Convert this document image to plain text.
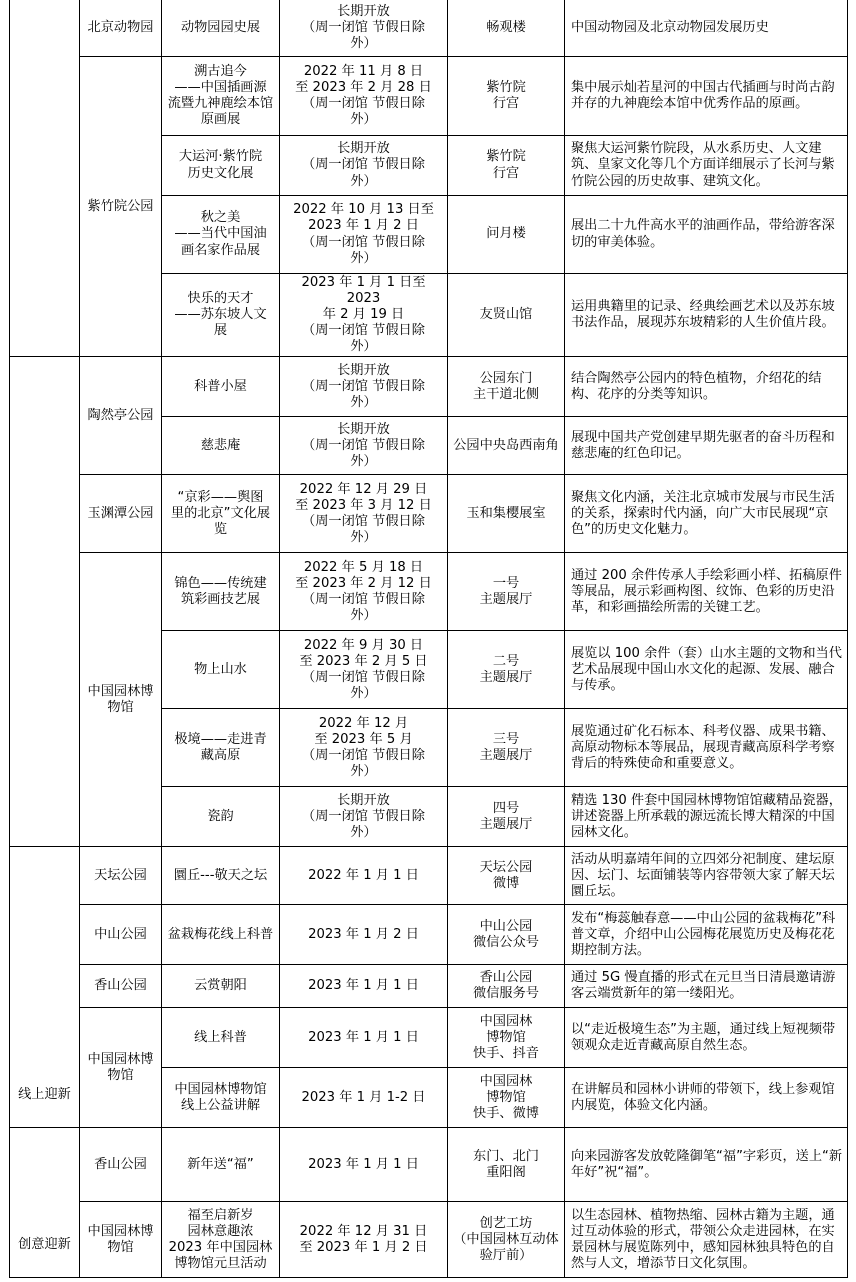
	北京动物园	动物园园史展	长期开放
（周一闭馆 节假日除
外）	畅观楼	中国动物园及北京动物园发展历史
	紫竹院公园	溯古追今
——中国插画源
流暨九神鹿绘本馆
原画展	2022 年 11 月 8 日
至 2023 年 2 月 28 日
（周一闭馆 节假日除
外）	紫竹院
行宫	集中展示灿若星河的中国古代插画与时尚古韵并存的九神鹿绘本馆中优秀作品的原画。
		大运河·紫竹院
历史文化展	长期开放
（周一闭馆 节假日除
外）	紫竹院
行宫	聚焦大运河紫竹院段，从水系历史、人文建筑、皇家文化等几个方面详细展示了长河与紫竹院公园的历史故事、建筑文化。
		秋之美
——当代中国油
画名家作品展	2022 年 10 月 13 日至
2023 年 1 月 2 日
（周一闭馆 节假日除
外）	问月楼	展出二十九件高水平的油画作品，带给游客深切的审美体验。
		快乐的天才
——苏东坡人文
展	2023 年 1 月 1 日至 2023
年 2 月 19 日
（周一闭馆 节假日除
外）	友贤山馆	运用典籍里的记录、经典绘画艺术以及苏东坡书法作品，展现苏东坡精彩的人生价值片段。
	陶然亭公园	科普小屋	长期开放
（周一闭馆 节假日除
外）	公园东门
主干道北侧	结合陶然亭公园内的特色植物，介绍花的结构、花序的分类等知识。
		慈悲庵	长期开放
（周一闭馆 节假日除
外）	公园中央岛西南角	展现中国共产党创建早期先驱者的奋斗历程和慈悲庵的红色印记。
	玉渊潭公园	“京彩——舆图
里的北京”文化展
览	2022 年 12 月 29 日
至 2023 年 3 月 12 日
（周一闭馆 节假日除
外）	玉和集樱展室	聚焦文化内涵，关注北京城市发展与市民生活的关系，探索时代内涵，向广大市民展现“京色”的历史文化魅力。
	中国园林博
物馆	锦色——传统建
筑彩画技艺展	2022 年 5 月 18 日
至 2023 年 2 月 12 日
（周一闭馆 节假日除
外）	一号
主题展厅	通过 200 余件传承人手绘彩画小样、拓稿原件等展品，展示彩画构图、纹饰、色彩的历史沿革，和彩画描绘所需的关键工艺。
		物上山水	2022 年 9 月 30 日
至 2023 年 2 月 5 日
（周一闭馆 节假日除
外）	二号
主题展厅	展览以 100 余件（套）山水主题的文物和当代艺术品展现中国山水文化的起源、发展、融合与传承。
		极境——走进青
藏高原	2022 年 12 月
至 2023 年 5 月
（周一闭馆 节假日除
外）	三号
主题展厅	展览通过矿化石标本、科考仪器、成果书籍、高原动物标本等展品，展现青藏高原科学考察背后的特殊使命和重要意义。
		瓷韵	长期开放
（周一闭馆 节假日除
外）	四号
主题展厅	精选 130 件套中国园林博物馆馆藏精品瓷器，讲述瓷器上所承载的源远流长博大精深的中国园林文化。
线上迎新	天坛公园	圜丘---敬天之坛	2022 年 1 月 1 日	天坛公园
微博	活动从明嘉靖年间的立四郊分祀制度、建坛原因、坛门、坛面铺装等内容带领大家了解天坛圜丘坛。
	中山公园	盆栽梅花线上科普	2023 年 1 月 2 日	中山公园
微信公众号	发布“梅蕊触春意——中山公园的盆栽梅花”科普文章，介绍中山公园梅花展览历史及梅花花期控制方法。
	香山公园	云赏朝阳	2023 年 1 月 1 日	香山公园
微信服务号	通过 5G 慢直播的形式在元旦当日清晨邀请游客云端赏新年的第一缕阳光。
	中国园林博
物馆	线上科普	2023 年 1 月 1 日	中国园林
博物馆
快手、抖音	以“走近极境生态”为主题，通过线上短视频带领观众走近青藏高原自然生态。
		中国园林博物馆
线上公益讲解	2023 年 1 月 1-2 日	中国园林
博物馆
快手、微博	在讲解员和园林小讲师的带领下，线上参观馆内展览，体验文化内涵。
创意迎新	香山公园	新年送“福”	2023 年 1 月 1 日	东门、北门
重阳阁	向来园游客发放乾隆御笔“福”字彩页，送上“新年好”祝“福”。
	中国园林博
物馆	福至启新岁
园林意趣浓
2023 年中国园林
博物馆元旦活动	2022 年 12 月 31 日
至 2023 年 1 月 2 日	创艺工坊
（中国园林互动体
验厅前）	以生态园林、植物热缩、园林古籍为主题，通过互动体验的形式，带领公众走进园林，在实景园林与展览陈列中，感知园林独具特色的自然与人文，增添节日文化氛围。
